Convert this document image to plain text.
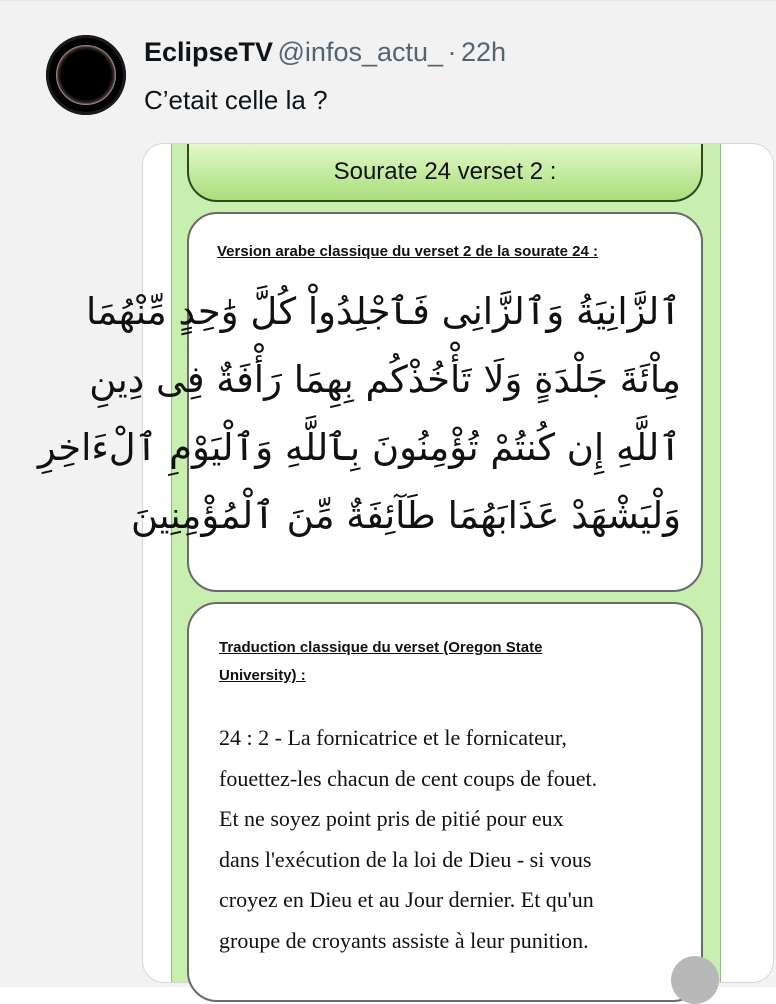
EclipseTV @infos_actu_ · 22h
C’etait celle la ?
Sourate 24 verset 2 :
Version arabe classique du verset 2 de la sourate 24 :
ٱلزَّانِيَةُ وَٱلزَّانِى فَٱجْلِدُواْ كُلَّ وَٰحِدٍ مِّنْهُمَا
مِاْئَةَ جَلْدَةٍ وَلَا تَأْخُذْكُم بِهِمَا رَأْفَةٌ فِى دِينِ
ٱللَّهِ إِن كُنتُمْ تُؤْمِنُونَ بِٱللَّهِ وَٱلْيَوْمِ ٱلْءَاخِرِ
وَلْيَشْهَدْ عَذَابَهُمَا طَآئِفَةٌ مِّنَ ٱلْمُؤْمِنِينَ
Traduction classique du verset (Oregon State
University) :
24 : 2 - La fornicatrice et le fornicateur,
fouettez-les chacun de cent coups de fouet.
Et ne soyez point pris de pitié pour eux
dans l'exécution de la loi de Dieu - si vous
croyez en Dieu et au Jour dernier. Et qu'un
groupe de croyants assiste à leur punition.
